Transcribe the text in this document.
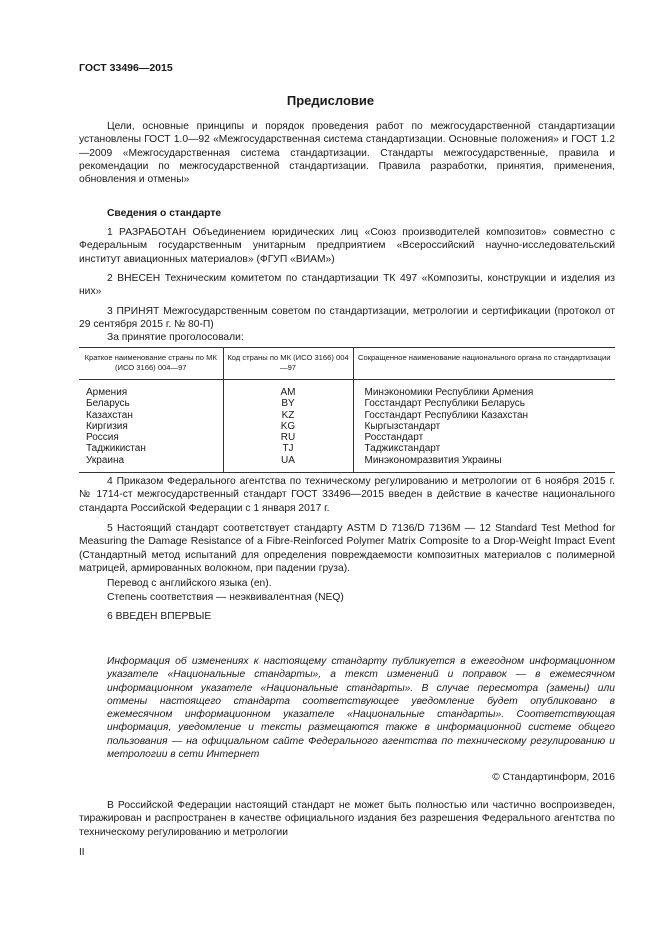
ГОСТ 33496—2015
Предисловие

Цели, основные принципы и порядок проведения работ по межгосударственной стандартизации установлены ГОСТ 1.0—92 «Межгосударственная система стандартизации. Основные положения» и ГОСТ 1.2—2009 «Межгосударственная система стандартизации. Стандарты межгосударственные, правила и рекомендации по межгосударственной стандартизации. Правила разработки, принятия, применения, обновления и отмены»

Сведения о стандарте

1 РАЗРАБОТАН Объединением юридических лиц «Союз производителей композитов» совместно с Федеральным государственным унитарным предприятием «Всероссийский научно-исследовательский институт авиационных материалов» (ФГУП «ВИАМ»)

2 ВНЕСЕН Техническим комитетом по стандартизации ТК 497 «Композиты, конструкции и изделия из них»

3 ПРИНЯТ Межгосударственным советом по стандартизации, метрологии и сертификации (протокол от 29 сентября 2015 г. № 80-П)

За принятие проголосовали:

Краткое наименование страны по МК (ИСО 3166) 004—97	Код страны по МК (ИСО 3166) 004—97	Сокращенное наименование национального органа по стандартизации
Армения	AM	Минэкономики Республики Армения
Беларусь	BY	Госстандарт Республики Беларусь
Казахстан	KZ	Госстандарт Республики Казахстан
Киргизия	KG	Кыргызстандарт
Россия	RU	Росстандарт
Таджикистан	TJ	Таджикстандарт
Украина	UA	Минэкономразвития Украины

4 Приказом Федерального агентства по техническому регулированию и метрологии от 6 ноября 2015 г. № 1714-ст межгосударственный стандарт ГОСТ 33496—2015 введен в действие в качестве национального стандарта Российской Федерации с 1 января 2017 г.

5 Настоящий стандарт соответствует стандарту ASTM D 7136/D 7136M — 12 Standard Test Method for Measuring the Damage Resistance of a Fibre-Reinforced Polymer Matrix Composite to a Drop-Weight Impact Event (Стандартный метод испытаний для определения повреждаемости композитных материалов с полимерной матрицей, армированных волокном, при падении груза).

Перевод с английского языка (en).

Степень соответствия — неэквивалентная (NEQ)

6 ВВЕДЕН ВПЕРВЫЕ

Информация об изменениях к настоящему стандарту публикуется в ежегодном информационном указателе «Национальные стандарты», а текст изменений и поправок — в ежемесячном информационном указателе «Национальные стандарты». В случае пересмотра (замены) или отмены настоящего стандарта соответствующее уведомление будет опубликовано в ежемесячном информационном указателе «Национальные стандарты». Соответствующая информация, уведомление и тексты размещаются также в информационной системе общего пользования — на официальном сайте Федерального агентства по техническому регулированию и метрологии в сети Интернет
© Стандартинформ, 2016

В Российской Федерации настоящий стандарт не может быть полностью или частично воспроизведен, тиражирован и распространен в качестве официального издания без разрешения Федерального агентства по техническому регулированию и метрологии

II
